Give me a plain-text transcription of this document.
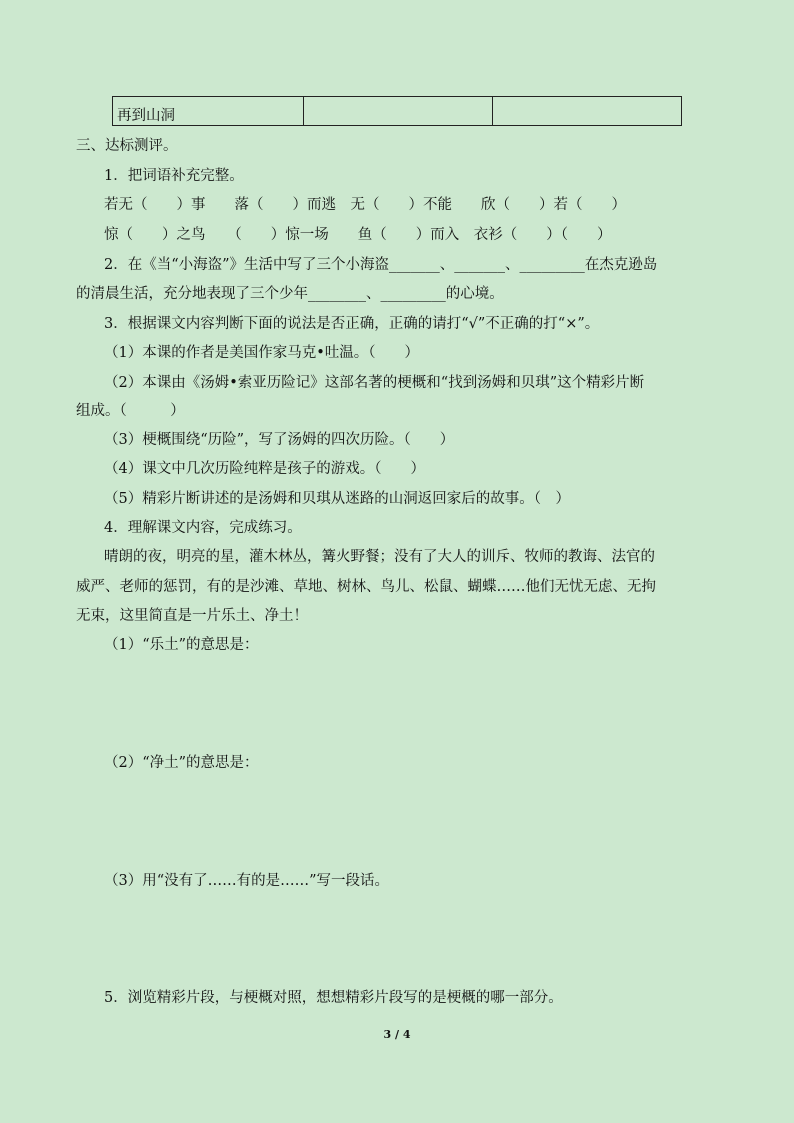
再到山洞		
三、达标测评。
1．把词语补充完整。
若无（　　）事　　落（　　）而逃　无（　　）不能　　欣（　　）若（　　）
惊（　　）之鸟　　（　　）惊一场　　鱼（　　）而入　衣衫（　　）（　　）
2．在《当“小海盗”》生活中写了三个小海盗_______、_______、_________在杰克逊岛
的清晨生活，充分地表现了三个少年________、_________的心境。
3．根据课文内容判断下面的说法是否正确，正确的请打“√”不正确的打“×”。
（1）本课的作者是美国作家马克•吐温。（　　）
（2）本课由《汤姆•索亚历险记》这部名著的梗概和“找到汤姆和贝琪”这个精彩片断
组成。（　　　）
（3）梗概围绕“历险”，写了汤姆的四次历险。（　　）
（4）课文中几次历险纯粹是孩子的游戏。（　　）
（5）精彩片断讲述的是汤姆和贝琪从迷路的山洞返回家后的故事。（　）
4．理解课文内容，完成练习。
晴朗的夜，明亮的星，灌木林丛，篝火野餐；没有了大人的训斥、牧师的教诲、法官的
威严、老师的惩罚，有的是沙滩、草地、树林、鸟儿、松鼠、蝴蝶……他们无忧无虑、无拘
无束，这里简直是一片乐土、净土！
（1）“乐土”的意思是：
（2）“净土”的意思是：
（3）用“没有了……有的是……”写一段话。
5．浏览精彩片段，与梗概对照，想想精彩片段写的是梗概的哪一部分。
3 / 4
